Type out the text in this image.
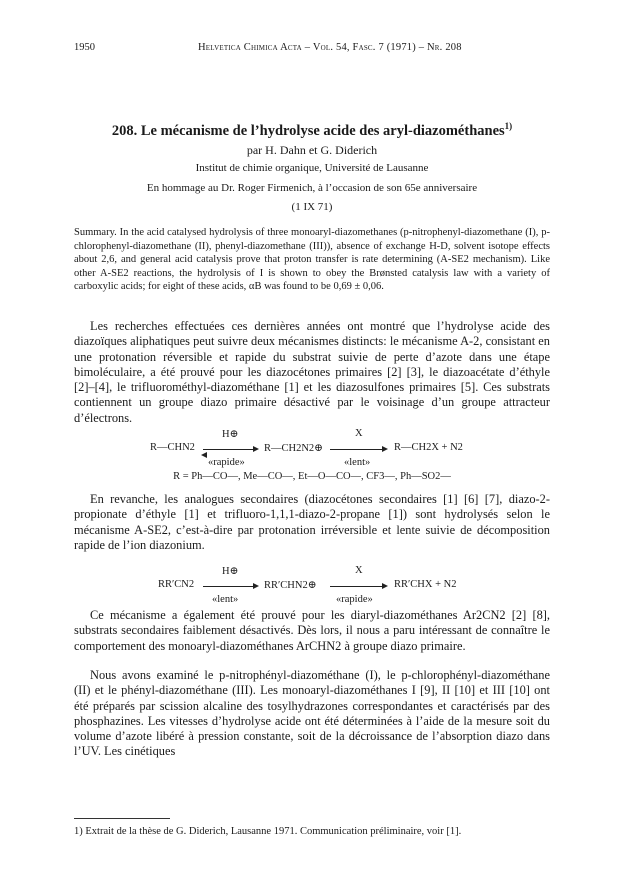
1950	Helvetica Chimica Acta – Vol. 54, Fasc. 7 (1971) – Nr. 208
208. Le mécanisme de l’hydrolyse acide des aryl-diazométhanes$^{1)}$
par H. Dahn et G. Diderich
Institut de chimie organique, Université de Lausanne
En hommage au Dr. Roger Firmenich, à l’occasion de son 65e anniversaire
(1 IX 71)
Summary. In the acid catalysed hydrolysis of three monoaryl-diazomethanes (p-nitrophenyl-diazomethane (I), p-chlorophenyl-diazomethane (II), phenyl-diazomethane (III)), absence of exchange H-D, solvent isotope effects about 2,6, and general acid catalysis prove that proton transfer is rate determining (A-SE2 mechanism). Like other A-SE2 reactions, the hydrolysis of I is shown to obey the Brønsted catalysis law with a variety of carboxylic acids; for eight of these acids, αB was found to be 0,69 ± 0,06.

Les recherches effectuées ces dernières années ont montré que l’hydrolyse acide des diazoïques aliphatiques peut suivre deux mécanismes distincts: le mécanisme A-2, consistant en une protonation réversible et rapide du substrat suivie de perte d’azote dans une étape bimoléculaire, a été prouvé pour les diazocétones primaires [2] [3], le diazoacétate d’éthyle [2]–[4], le trifluorométhyl-diazométhane [1] et les diazosulfones primaires [5]. Ces substrats contiennent un groupe diazo primaire désactivé par le voisinage d’un groupe attracteur d’électrons.

H⊕
R—CHN2
«rapide»
R—CH2N2⊕
X
«lent»
R—CH2X + N2
R = Ph—CO—, Me—CO—, Et—O—CO—, CF3—, Ph—SO2—

En revanche, les analogues secondaires (diazocétones secondaires [1] [6] [7], diazo-2-propionate d’éthyle [1] et trifluoro-1,1,1-diazo-2-propane [1]) sont hydrolysés selon le mécanisme A-SE2, c’est-à-dire par protonation irréversible et lente suivie de décomposition rapide de l’ion diazonium.

H⊕
RR′CN2
«lent»
RR′CHN2⊕
X
«rapide»
RR′CHX + N2

Ce mécanisme a également été prouvé pour les diaryl-diazométhanes Ar2CN2 [2] [8], substrats secondaires faiblement désactivés. Dès lors, il nous a paru intéressant de connaître le comportement des monoaryl-diazométhanes ArCHN2 à groupe diazo primaire.

Nous avons examiné le p-nitrophényl-diazométhane (I), le p-chlorophényl-diazométhane (II) et le phényl-diazométhane (III). Les monoaryl-diazométhanes I [9], II [10] et III [10] ont été préparés par scission alcaline des tosylhydrazones correspondantes et caractérisés par des phosphazines. Les vitesses d’hydrolyse acide ont été déterminées à l’aide de la mesure soit du volume d’azote libéré à pression constante, soit de la décroissance de l’absorption diazo dans l’UV. Les cinétiques

1) Extrait de la thèse de G. Diderich, Lausanne 1971. Communication préliminaire, voir [1].
